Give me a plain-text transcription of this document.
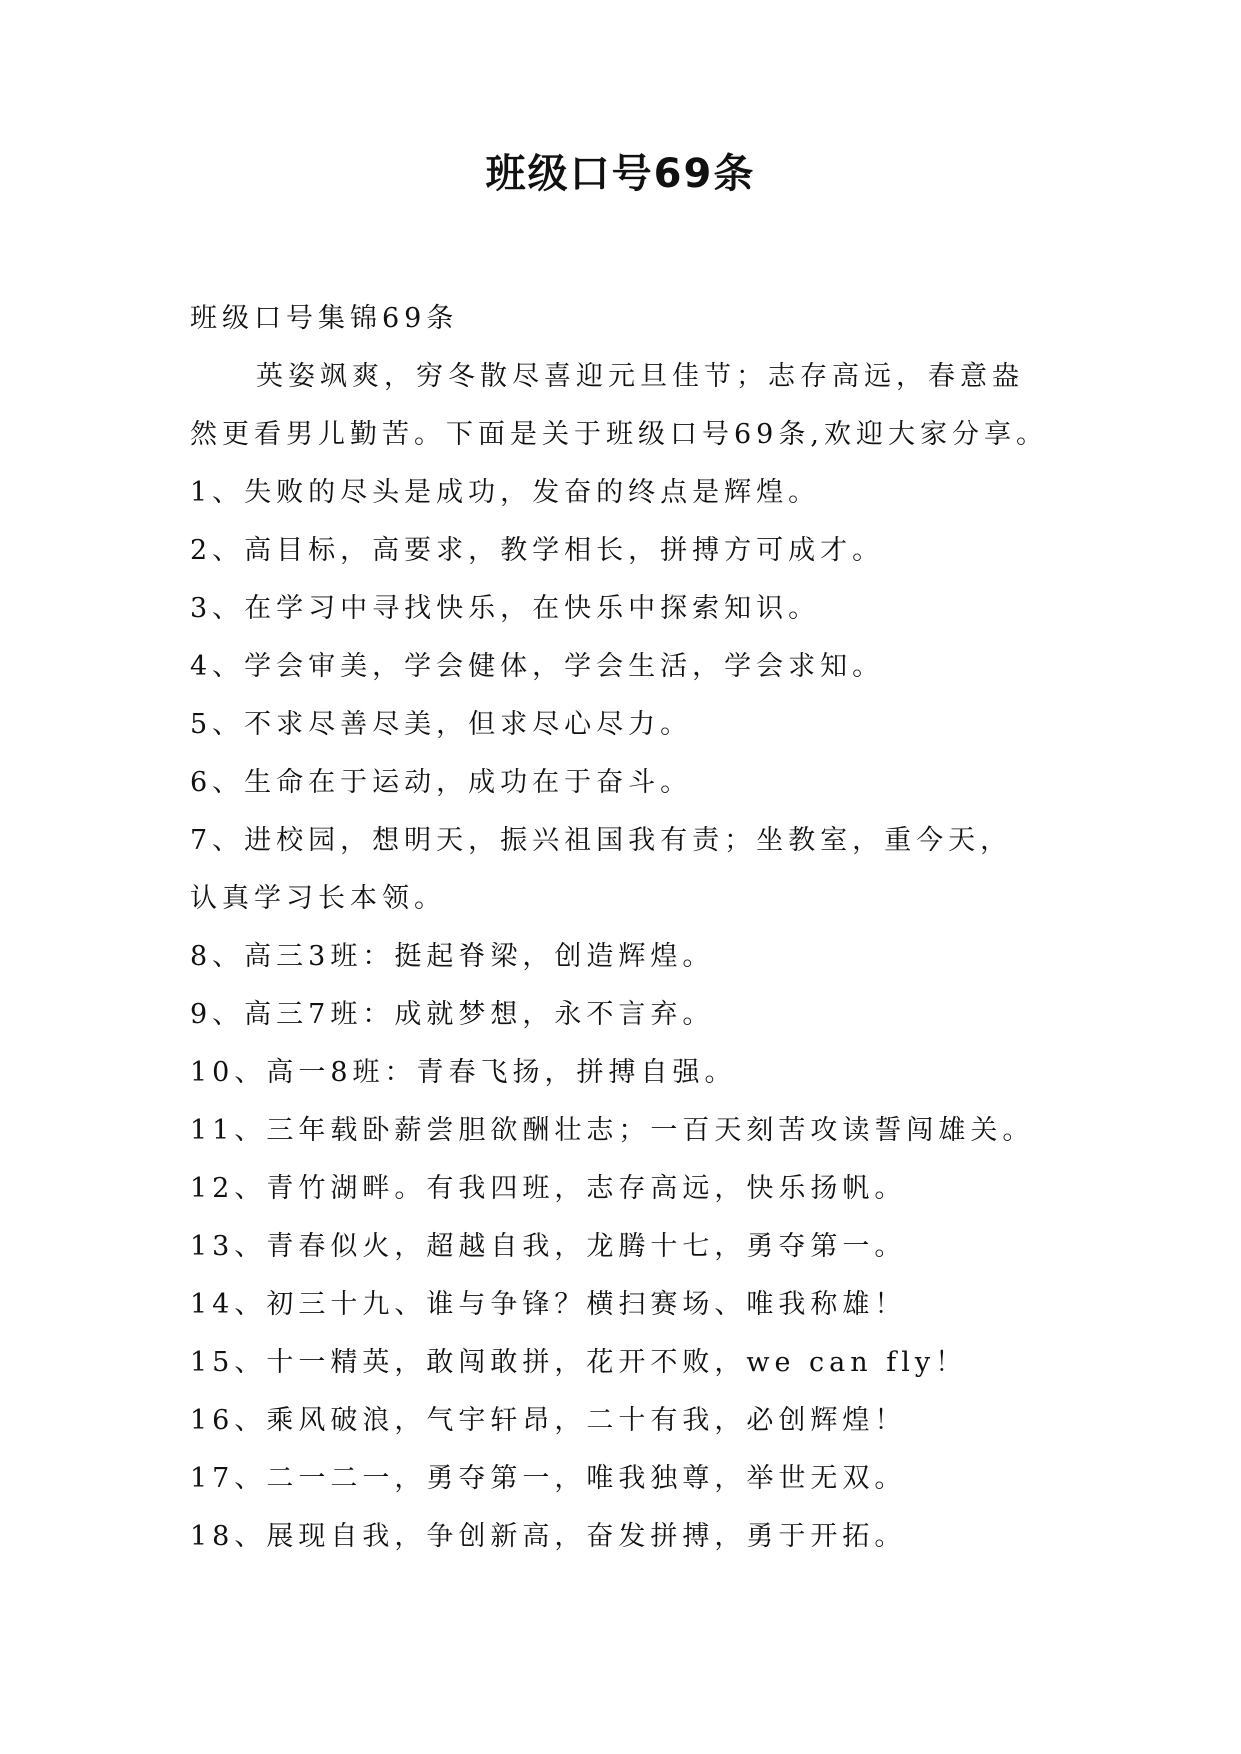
班级口号69条
班级口号集锦69条
英姿飒爽，穷冬散尽喜迎元旦佳节；志存高远，春意盎
然更看男儿勤苦。下面是关于班级口号69条,欢迎大家分享。
1、失败的尽头是成功，发奋的终点是辉煌。
2、高目标，高要求，教学相长，拼搏方可成才。
3、在学习中寻找快乐，在快乐中探索知识。
4、学会审美，学会健体，学会生活，学会求知。
5、不求尽善尽美，但求尽心尽力。
6、生命在于运动，成功在于奋斗。
7、进校园，想明天，振兴祖国我有责；坐教室，重今天，
认真学习长本领。
8、高三3班：挺起脊梁，创造辉煌。
9、高三7班：成就梦想，永不言弃。
10、高一8班：青春飞扬，拼搏自强。
11、三年载卧薪尝胆欲酬壮志；一百天刻苦攻读誓闯雄关。
12、青竹湖畔。有我四班，志存高远，快乐扬帆。
13、青春似火，超越自我，龙腾十七，勇夺第一。
14、初三十九、谁与争锋？横扫赛场、唯我称雄！
15、十一精英，敢闯敢拼，花开不败，we can fly！
16、乘风破浪，气宇轩昂，二十有我，必创辉煌！
17、二一二一，勇夺第一，唯我独尊，举世无双。
18、展现自我，争创新高，奋发拼搏，勇于开拓。
